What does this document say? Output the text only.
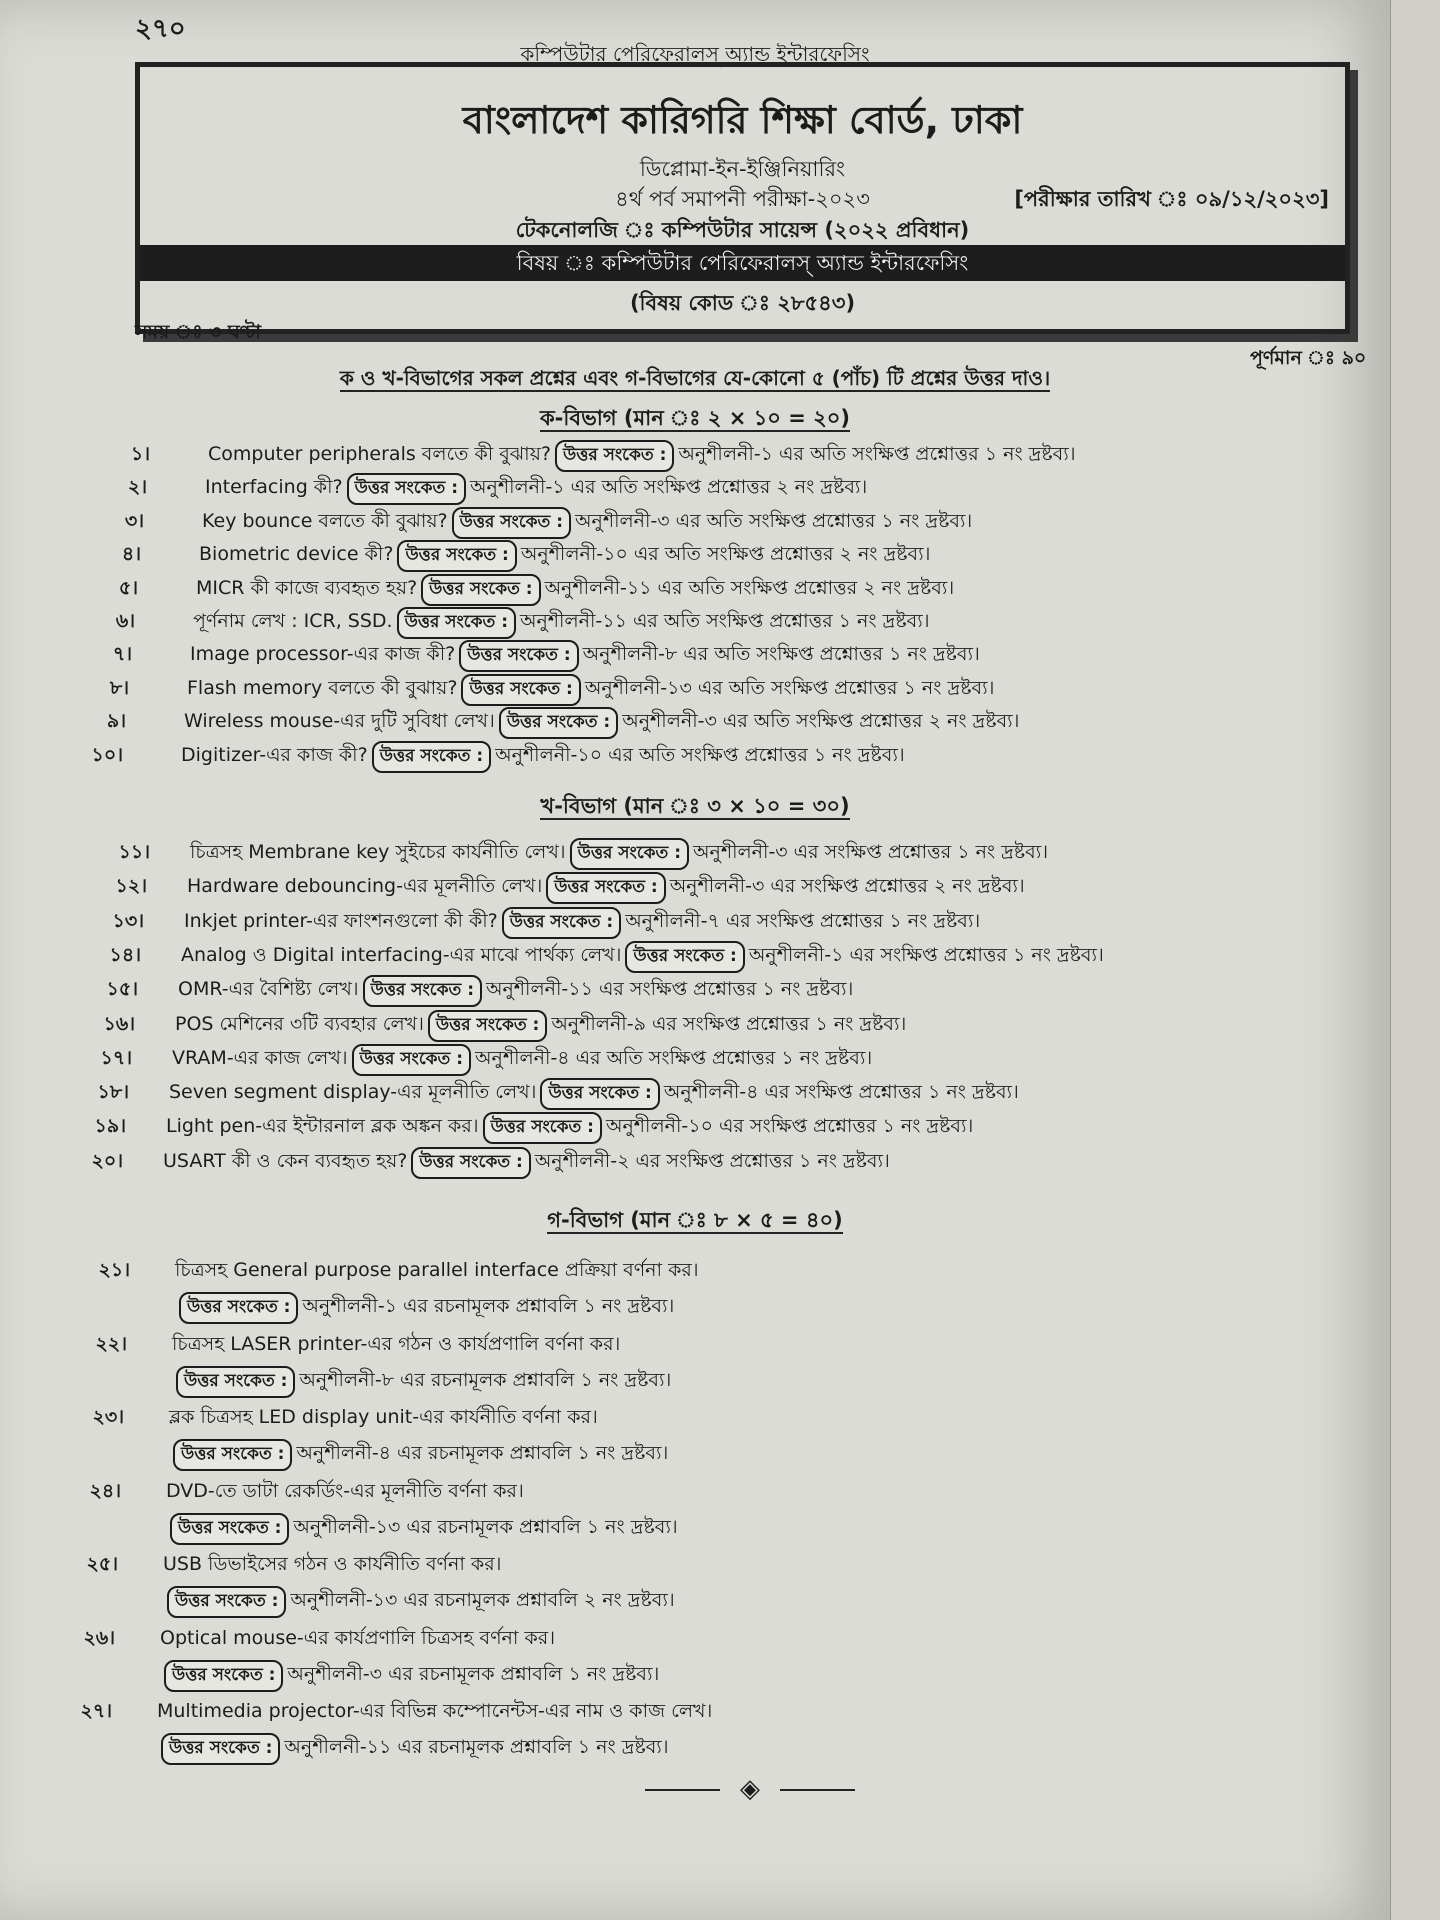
২৭০
কম্পিউটার পেরিফেরালস্ অ্যান্ড ইন্টারফেসিং
বাংলাদেশ কারিগরি শিক্ষা বোর্ড, ঢাকা
ডিপ্লোমা-ইন-ইঞ্জিনিয়ারিং
৪র্থ পর্ব সমাপনী পরীক্ষা-২০২৩	[পরীক্ষার তারিখ ঃ ০৯/১২/২০২৩]
টেকনোলজি ঃ কম্পিউটার সায়েন্স (২০২২ প্রবিধান)
বিষয় ঃ কম্পিউটার পেরিফেরালস্ অ্যান্ড ইন্টারফেসিং
(বিষয় কোড ঃ ২৮৫৪৩)
সময় ঃ ৩ ঘণ্টা
পূর্ণমান ঃ ৯০
ক ও খ-বিভাগের সকল প্রশ্নের এবং গ-বিভাগের যে-কোনো ৫ (পাঁচ) টি প্রশ্নের উত্তর দাও।
ক-বিভাগ (মান ঃ ২ × ১০ = ২০)
১।	Computer peripherals বলতে কী বুঝায়? উত্তর সংকেত : অনুশীলনী-১ এর অতি সংক্ষিপ্ত প্রশ্নোত্তর ১ নং দ্রষ্টব্য।
২।	Interfacing কী? উত্তর সংকেত : অনুশীলনী-১ এর অতি সংক্ষিপ্ত প্রশ্নোত্তর ২ নং দ্রষ্টব্য।
৩।	Key bounce বলতে কী বুঝায়? উত্তর সংকেত : অনুশীলনী-৩ এর অতি সংক্ষিপ্ত প্রশ্নোত্তর ১ নং দ্রষ্টব্য।
৪।	Biometric device কী? উত্তর সংকেত : অনুশীলনী-১০ এর অতি সংক্ষিপ্ত প্রশ্নোত্তর ২ নং দ্রষ্টব্য।
৫।	MICR কী কাজে ব্যবহৃত হয়? উত্তর সংকেত : অনুশীলনী-১১ এর অতি সংক্ষিপ্ত প্রশ্নোত্তর ২ নং দ্রষ্টব্য।
৬।	পূর্ণনাম লেখ : ICR, SSD. উত্তর সংকেত : অনুশীলনী-১১ এর অতি সংক্ষিপ্ত প্রশ্নোত্তর ১ নং দ্রষ্টব্য।
৭।	Image processor-এর কাজ কী? উত্তর সংকেত : অনুশীলনী-৮ এর অতি সংক্ষিপ্ত প্রশ্নোত্তর ১ নং দ্রষ্টব্য।
৮।	Flash memory বলতে কী বুঝায়? উত্তর সংকেত : অনুশীলনী-১৩ এর অতি সংক্ষিপ্ত প্রশ্নোত্তর ১ নং দ্রষ্টব্য।
৯।	Wireless mouse-এর দুটি সুবিধা লেখ। উত্তর সংকেত : অনুশীলনী-৩ এর অতি সংক্ষিপ্ত প্রশ্নোত্তর ২ নং দ্রষ্টব্য।
১০।	Digitizer-এর কাজ কী? উত্তর সংকেত : অনুশীলনী-১০ এর অতি সংক্ষিপ্ত প্রশ্নোত্তর ১ নং দ্রষ্টব্য।
খ-বিভাগ (মান ঃ ৩ × ১০ = ৩০)
১১। চিত্রসহ Membrane key সুইচের কার্যনীতি লেখ। উত্তর সংকেত : অনুশীলনী-৩ এর সংক্ষিপ্ত প্রশ্নোত্তর ১ নং দ্রষ্টব্য।
১২। Hardware debouncing-এর মূলনীতি লেখ। উত্তর সংকেত : অনুশীলনী-৩ এর সংক্ষিপ্ত প্রশ্নোত্তর ২ নং দ্রষ্টব্য।
১৩। Inkjet printer-এর ফাংশনগুলো কী কী? উত্তর সংকেত : অনুশীলনী-৭ এর সংক্ষিপ্ত প্রশ্নোত্তর ১ নং দ্রষ্টব্য।
১৪। Analog ও Digital interfacing-এর মাঝে পার্থক্য লেখ। উত্তর সংকেত : অনুশীলনী-১ এর সংক্ষিপ্ত প্রশ্নোত্তর ১ নং দ্রষ্টব্য।
১৫। OMR-এর বৈশিষ্ট্য লেখ। উত্তর সংকেত : অনুশীলনী-১১ এর সংক্ষিপ্ত প্রশ্নোত্তর ১ নং দ্রষ্টব্য।
১৬। POS মেশিনের ৩টি ব্যবহার লেখ। উত্তর সংকেত : অনুশীলনী-৯ এর সংক্ষিপ্ত প্রশ্নোত্তর ১ নং দ্রষ্টব্য।
১৭। VRAM-এর কাজ লেখ। উত্তর সংকেত : অনুশীলনী-৪ এর অতি সংক্ষিপ্ত প্রশ্নোত্তর ১ নং দ্রষ্টব্য।
১৮। Seven segment display-এর মূলনীতি লেখ। উত্তর সংকেত : অনুশীলনী-৪ এর সংক্ষিপ্ত প্রশ্নোত্তর ১ নং দ্রষ্টব্য।
১৯। Light pen-এর ইন্টারনাল ব্লক অঙ্কন কর। উত্তর সংকেত : অনুশীলনী-১০ এর সংক্ষিপ্ত প্রশ্নোত্তর ১ নং দ্রষ্টব্য।
২০। USART কী ও কেন ব্যবহৃত হয়? উত্তর সংকেত : অনুশীলনী-২ এর সংক্ষিপ্ত প্রশ্নোত্তর ১ নং দ্রষ্টব্য।
গ-বিভাগ (মান ঃ ৮ × ৫ = ৪০)
২১। চিত্রসহ General purpose parallel interface প্রক্রিয়া বর্ণনা কর।
উত্তর সংকেত : অনুশীলনী-১ এর রচনামূলক প্রশ্নাবলি ১ নং দ্রষ্টব্য।
২২। চিত্রসহ LASER printer-এর গঠন ও কার্যপ্রণালি বর্ণনা কর।
উত্তর সংকেত : অনুশীলনী-৮ এর রচনামূলক প্রশ্নাবলি ১ নং দ্রষ্টব্য।
২৩। ব্লক চিত্রসহ LED display unit-এর কার্যনীতি বর্ণনা কর।
উত্তর সংকেত : অনুশীলনী-৪ এর রচনামূলক প্রশ্নাবলি ১ নং দ্রষ্টব্য।
২৪। DVD-তে ডাটা রেকর্ডিং-এর মূলনীতি বর্ণনা কর।
উত্তর সংকেত : অনুশীলনী-১৩ এর রচনামূলক প্রশ্নাবলি ১ নং দ্রষ্টব্য।
২৫। USB ডিভাইসের গঠন ও কার্যনীতি বর্ণনা কর।
উত্তর সংকেত : অনুশীলনী-১৩ এর রচনামূলক প্রশ্নাবলি ২ নং দ্রষ্টব্য।
২৬। Optical mouse-এর কার্যপ্রণালি চিত্রসহ বর্ণনা কর।
উত্তর সংকেত : অনুশীলনী-৩ এর রচনামূলক প্রশ্নাবলি ১ নং দ্রষ্টব্য।
২৭। Multimedia projector-এর বিভিন্ন কম্পোনেন্টস-এর নাম ও কাজ লেখ।
উত্তর সংকেত : অনুশীলনী-১১ এর রচনামূলক প্রশ্নাবলি ১ নং দ্রষ্টব্য।
◈
